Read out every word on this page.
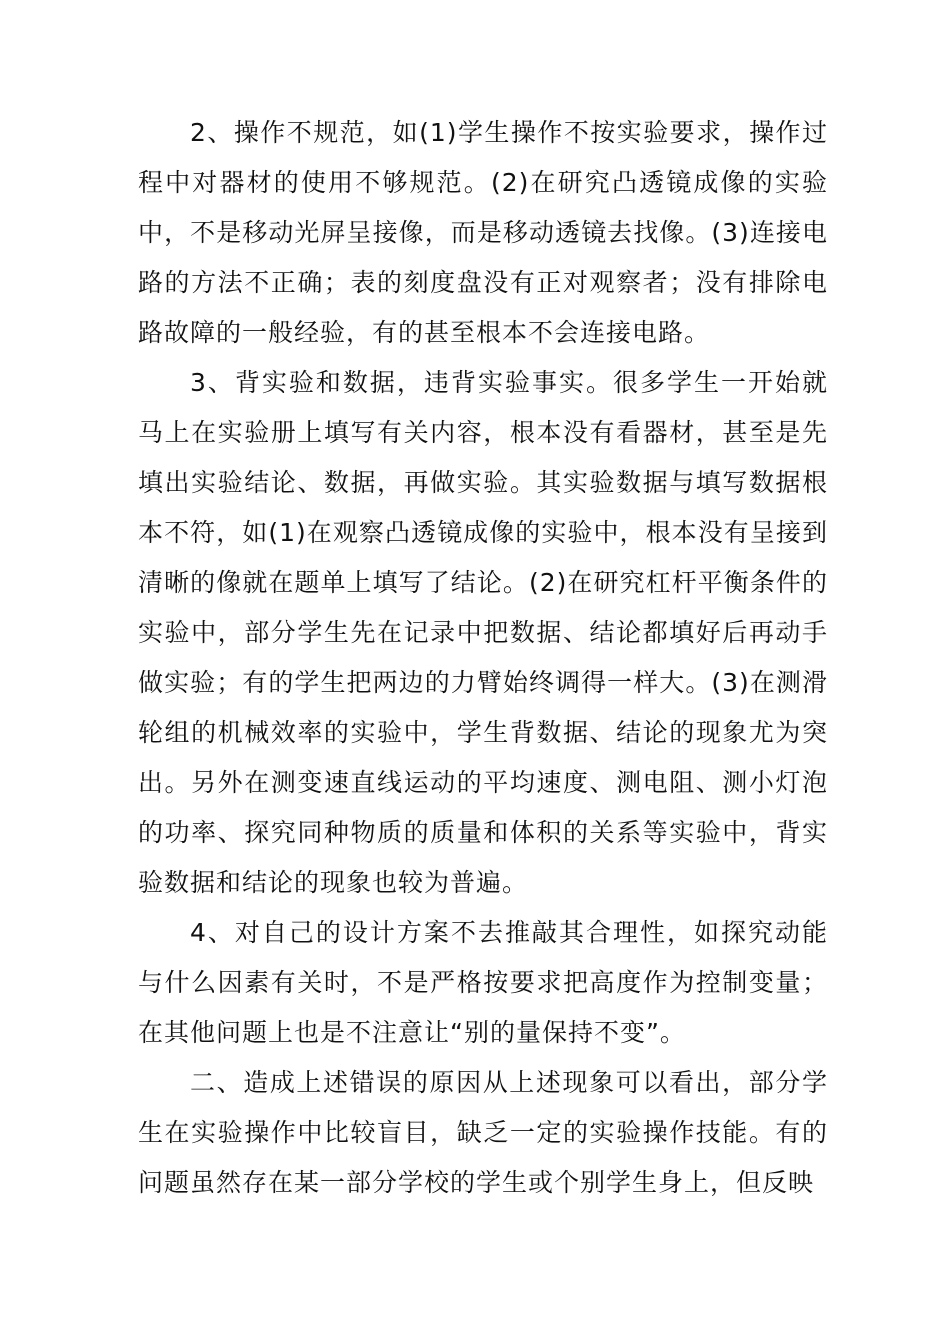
2、操作不规范，如(1)学生操作不按实验要求，操作过程中对器材的使用不够规范。(2)在研究凸透镜成像的实验中，不是移动光屏呈接像，而是移动透镜去找像。(3)连接电路的方法不正确；表的刻度盘没有正对观察者；没有排除电路故障的一般经验，有的甚至根本不会连接电路。

3、背实验和数据，违背实验事实。很多学生一开始就马上在实验册上填写有关内容，根本没有看器材，甚至是先填出实验结论、数据，再做实验。其实验数据与填写数据根本不符，如(1)在观察凸透镜成像的实验中，根本没有呈接到清晰的像就在题单上填写了结论。(2)在研究杠杆平衡条件的实验中，部分学生先在记录中把数据、结论都填好后再动手做实验；有的学生把两边的力臂始终调得一样大。(3)在测滑轮组的机械效率的实验中，学生背数据、结论的现象尤为突出。另外在测变速直线运动的平均速度、测电阻、测小灯泡的功率、探究同种物质的质量和体积的关系等实验中，背实验数据和结论的现象也较为普遍。

4、对自己的设计方案不去推敲其合理性，如探究动能与什么因素有关时，不是严格按要求把高度作为控制变量；在其他问题上也是不注意让“别的量保持不变”。

二、造成上述错误的原因从上述现象可以看出，部分学生在实验操作中比较盲目，缺乏一定的实验操作技能。有的问题虽然存在某一部分学校的学生或个别学生身上，但反映
